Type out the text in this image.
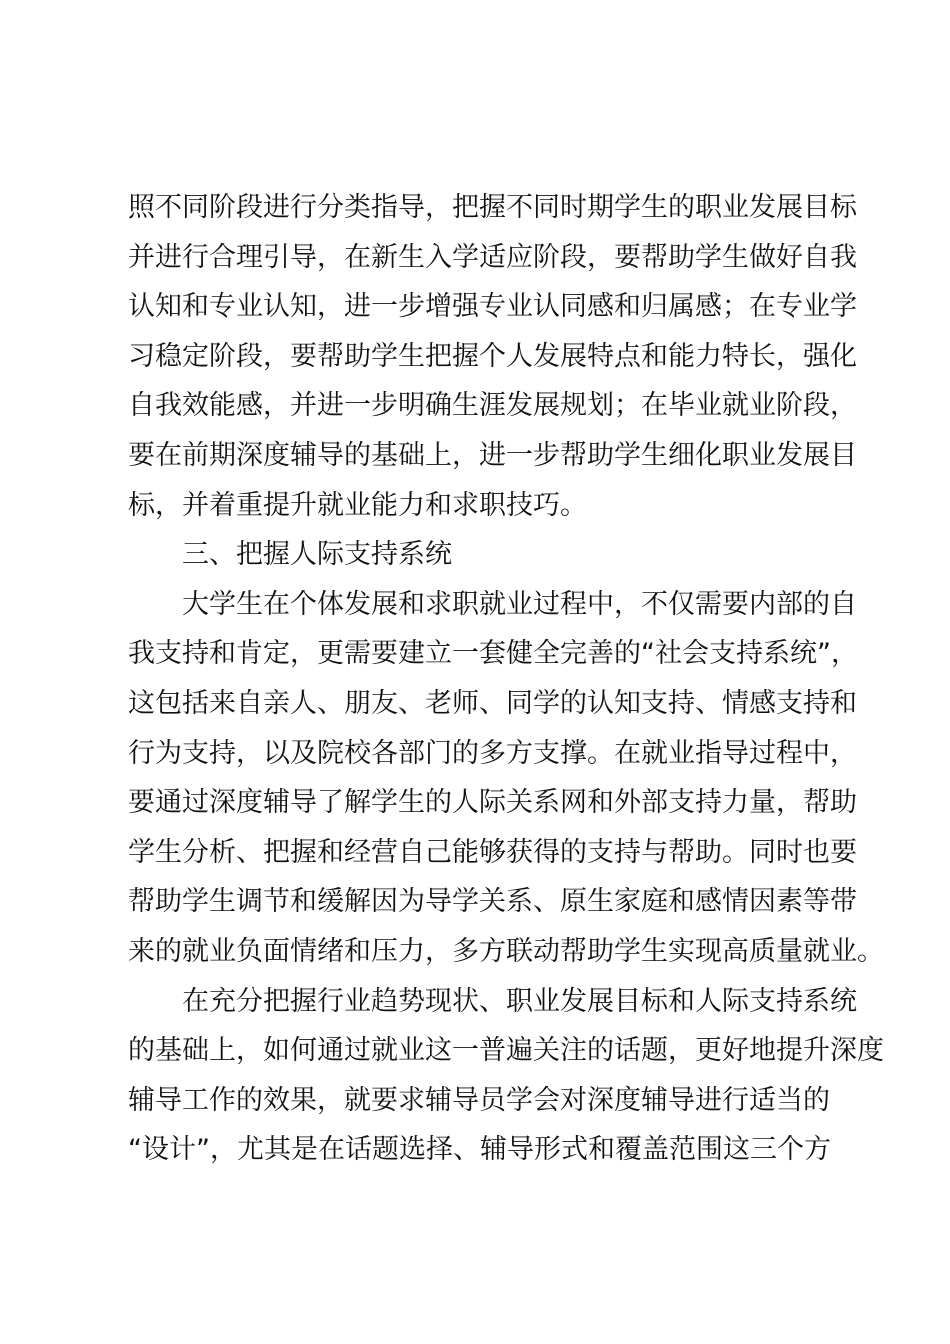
照不同阶段进行分类指导，把握不同时期学生的职业发展目标
并进行合理引导，在新生入学适应阶段，要帮助学生做好自我
认知和专业认知，进一步增强专业认同感和归属感；在专业学
习稳定阶段，要帮助学生把握个人发展特点和能力特长，强化
自我效能感，并进一步明确生涯发展规划；在毕业就业阶段，
要在前期深度辅导的基础上，进一步帮助学生细化职业发展目
标，并着重提升就业能力和求职技巧。
三、把握人际支持系统
大学生在个体发展和求职就业过程中，不仅需要内部的自
我支持和肯定，更需要建立一套健全完善的“社会支持系统”，
这包括来自亲人、朋友、老师、同学的认知支持、情感支持和
行为支持，以及院校各部门的多方支撑。在就业指导过程中，
要通过深度辅导了解学生的人际关系网和外部支持力量，帮助
学生分析、把握和经营自己能够获得的支持与帮助。同时也要
帮助学生调节和缓解因为导学关系、原生家庭和感情因素等带
来的就业负面情绪和压力，多方联动帮助学生实现高质量就业。
在充分把握行业趋势现状、职业发展目标和人际支持系统
的基础上，如何通过就业这一普遍关注的话题，更好地提升深度
辅导工作的效果，就要求辅导员学会对深度辅导进行适当的
“设计”，尤其是在话题选择、辅导形式和覆盖范围这三个方
